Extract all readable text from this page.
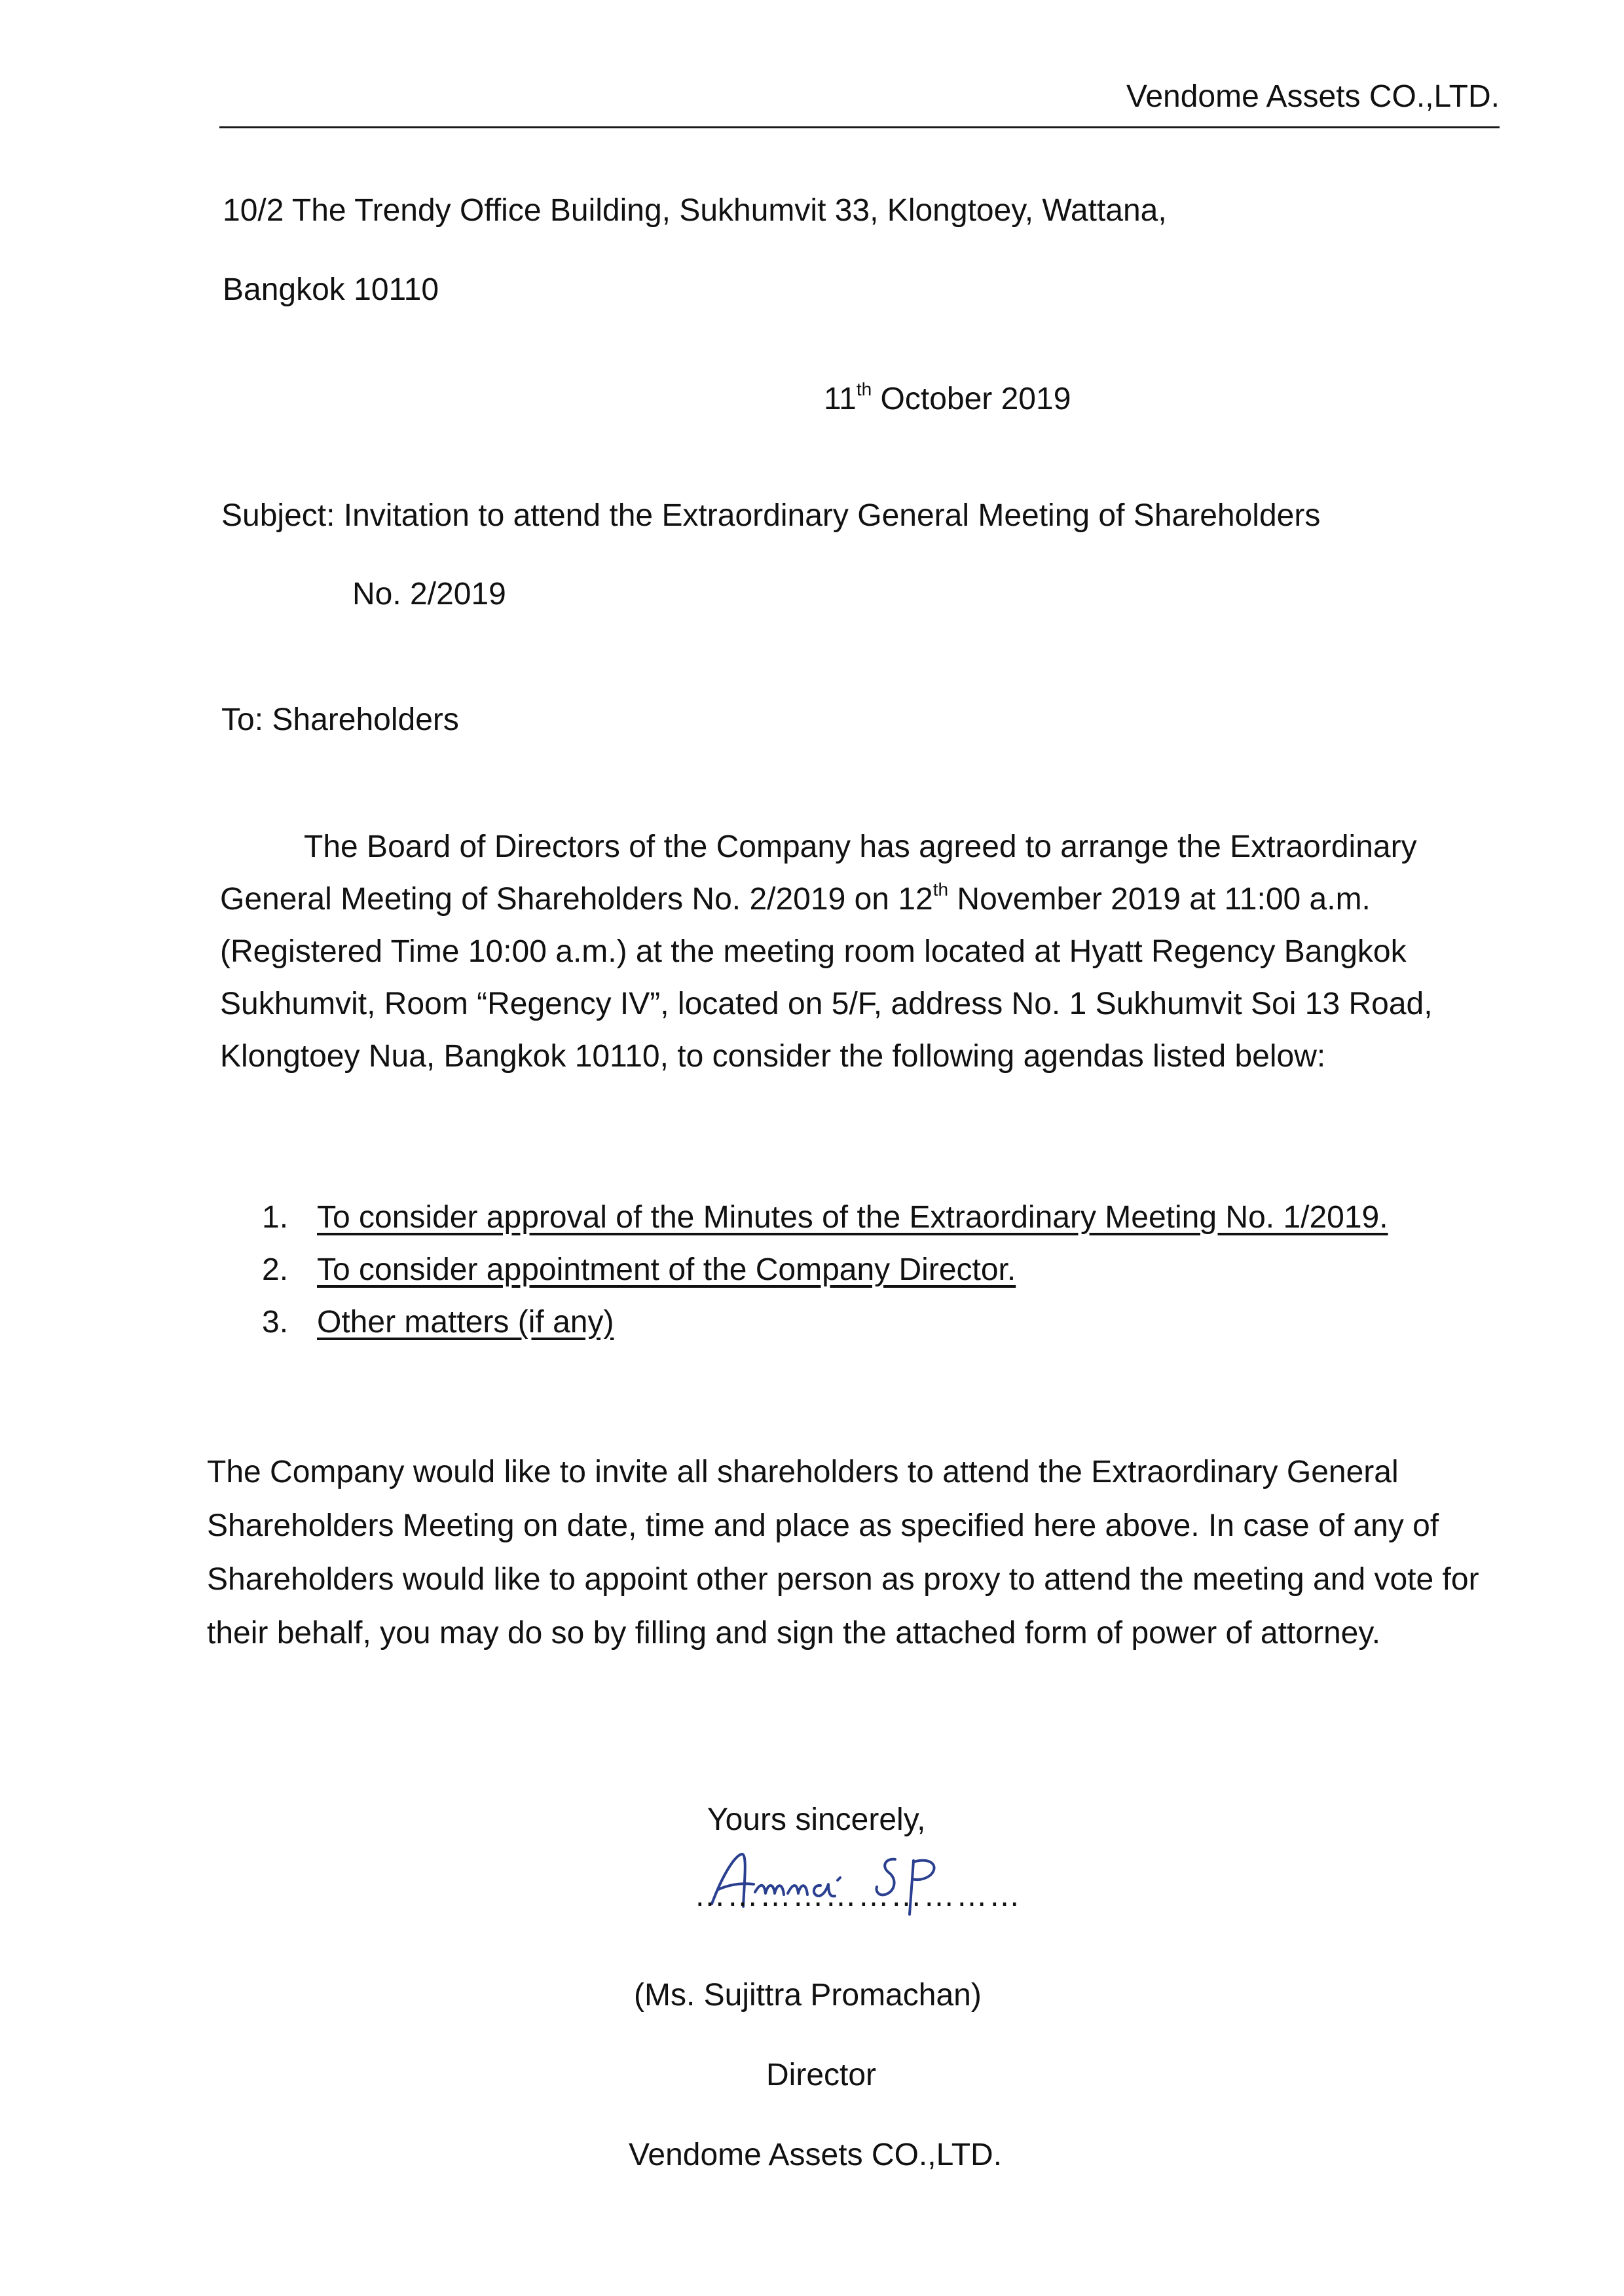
Vendome Assets CO.,LTD.
10/2 The Trendy Office Building, Sukhumvit 33, Klongtoey, Wattana,
Bangkok 10110
11th October 2019
Subject: Invitation to attend the Extraordinary General Meeting of Shareholders
No. 2/2019
To: Shareholders
The Board of Directors of the Company has agreed to arrange the Extraordinary General Meeting of Shareholders No. 2/2019 on 12th November 2019 at 11:00 a.m. (Registered Time 10:00 a.m.) at the meeting room located at Hyatt Regency Bangkok Sukhumvit, Room “Regency IV”, located on 5/F, address No. 1 Sukhumvit Soi 13 Road, Klongtoey Nua, Bangkok 10110, to consider the following agendas listed below:
1. To consider approval of the Minutes of the Extraordinary Meeting No. 1/2019.
2. To consider appointment of the Company Director.
3. Other matters (if any)
The Company would like to invite all shareholders to attend the Extraordinary General Shareholders Meeting on date, time and place as specified here above. In case of any of Shareholders would like to appoint other person as proxy to attend the meeting and vote for their behalf, you may do so by filling and sign the attached form of power of attorney.
Yours sincerely,
…………………………
(Ms. Sujittra Promachan)
Director
Vendome Assets CO.,LTD.
